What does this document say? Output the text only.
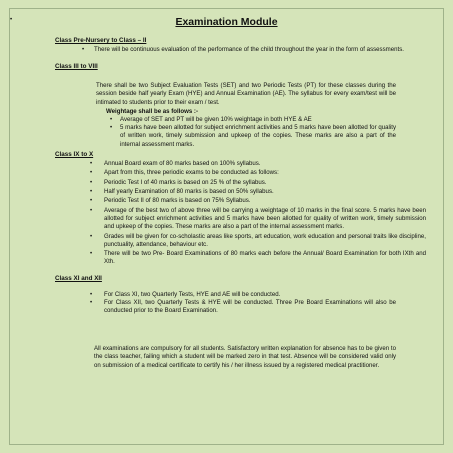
Examination Module
Class Pre-Nursery to Class – II
• There will be continuous evaluation of the performance of the child throughout the year in the form of assessments.
Class III to VIII
There shall be two Subject Evaluation Tests (SET) and two Periodic Tests (PT) for these classes during the session beside half yearly Exam (HYE) and Annual Examination (AE). The syllabus for every exam/test will be intimated to students prior to their exam / test.
•
Weightage shall be as follows :-
• Average of SET and PT will be given 10% weightage in both HYE & AE
• 5 marks have been allotted for subject enrichment activities and 5 marks have been allotted for quality of written work, timely submission and upkeep of the copies. These marks are also a part of the internal assessment marks.
Class IX to X
• Annual Board exam of 80 marks based on 100% syllabus.
• Apart from this, three periodic exams to be conducted as follows:
• Periodic Test I of 40 marks is based on 25 % of the syllabus.
• Half yearly Examination of 80 marks is based on 50% syllabus.
• Periodic Test II of 80 marks is based on 75% Syllabus.
• Average of the best two of above three will be carrying a weightage of 10 marks in the final score. 5 marks have been allotted for subject enrichment activities and 5 marks have been allotted for quality of written work, timely submission and upkeep of the copies. These marks are also a part of the internal assessment marks.
• Grades will be given for co-scholastic areas like sports, art education, work education and personal traits like discipline, punctuality, attendance, behaviour etc.
• There will be two Pre- Board Examinations of 80 marks each before the Annual/ Board Examination for both IXth and Xth.
Class XI and XII
• For Class XI, two Quarterly Tests, HYE and AE will be conducted.
• For Class XII, two Quarterly Tests & HYE will be conducted. Three Pre Board Examinations will also be conducted prior to the Board Examination.
All examinations are compulsory for all students. Satisfactory written explanation for absence has to be given to the class teacher, failing which a student will be marked zero in that test. Absence will be considered valid only on submission of a medical certificate to certify his / her illness issued by a registered medical practitioner.
